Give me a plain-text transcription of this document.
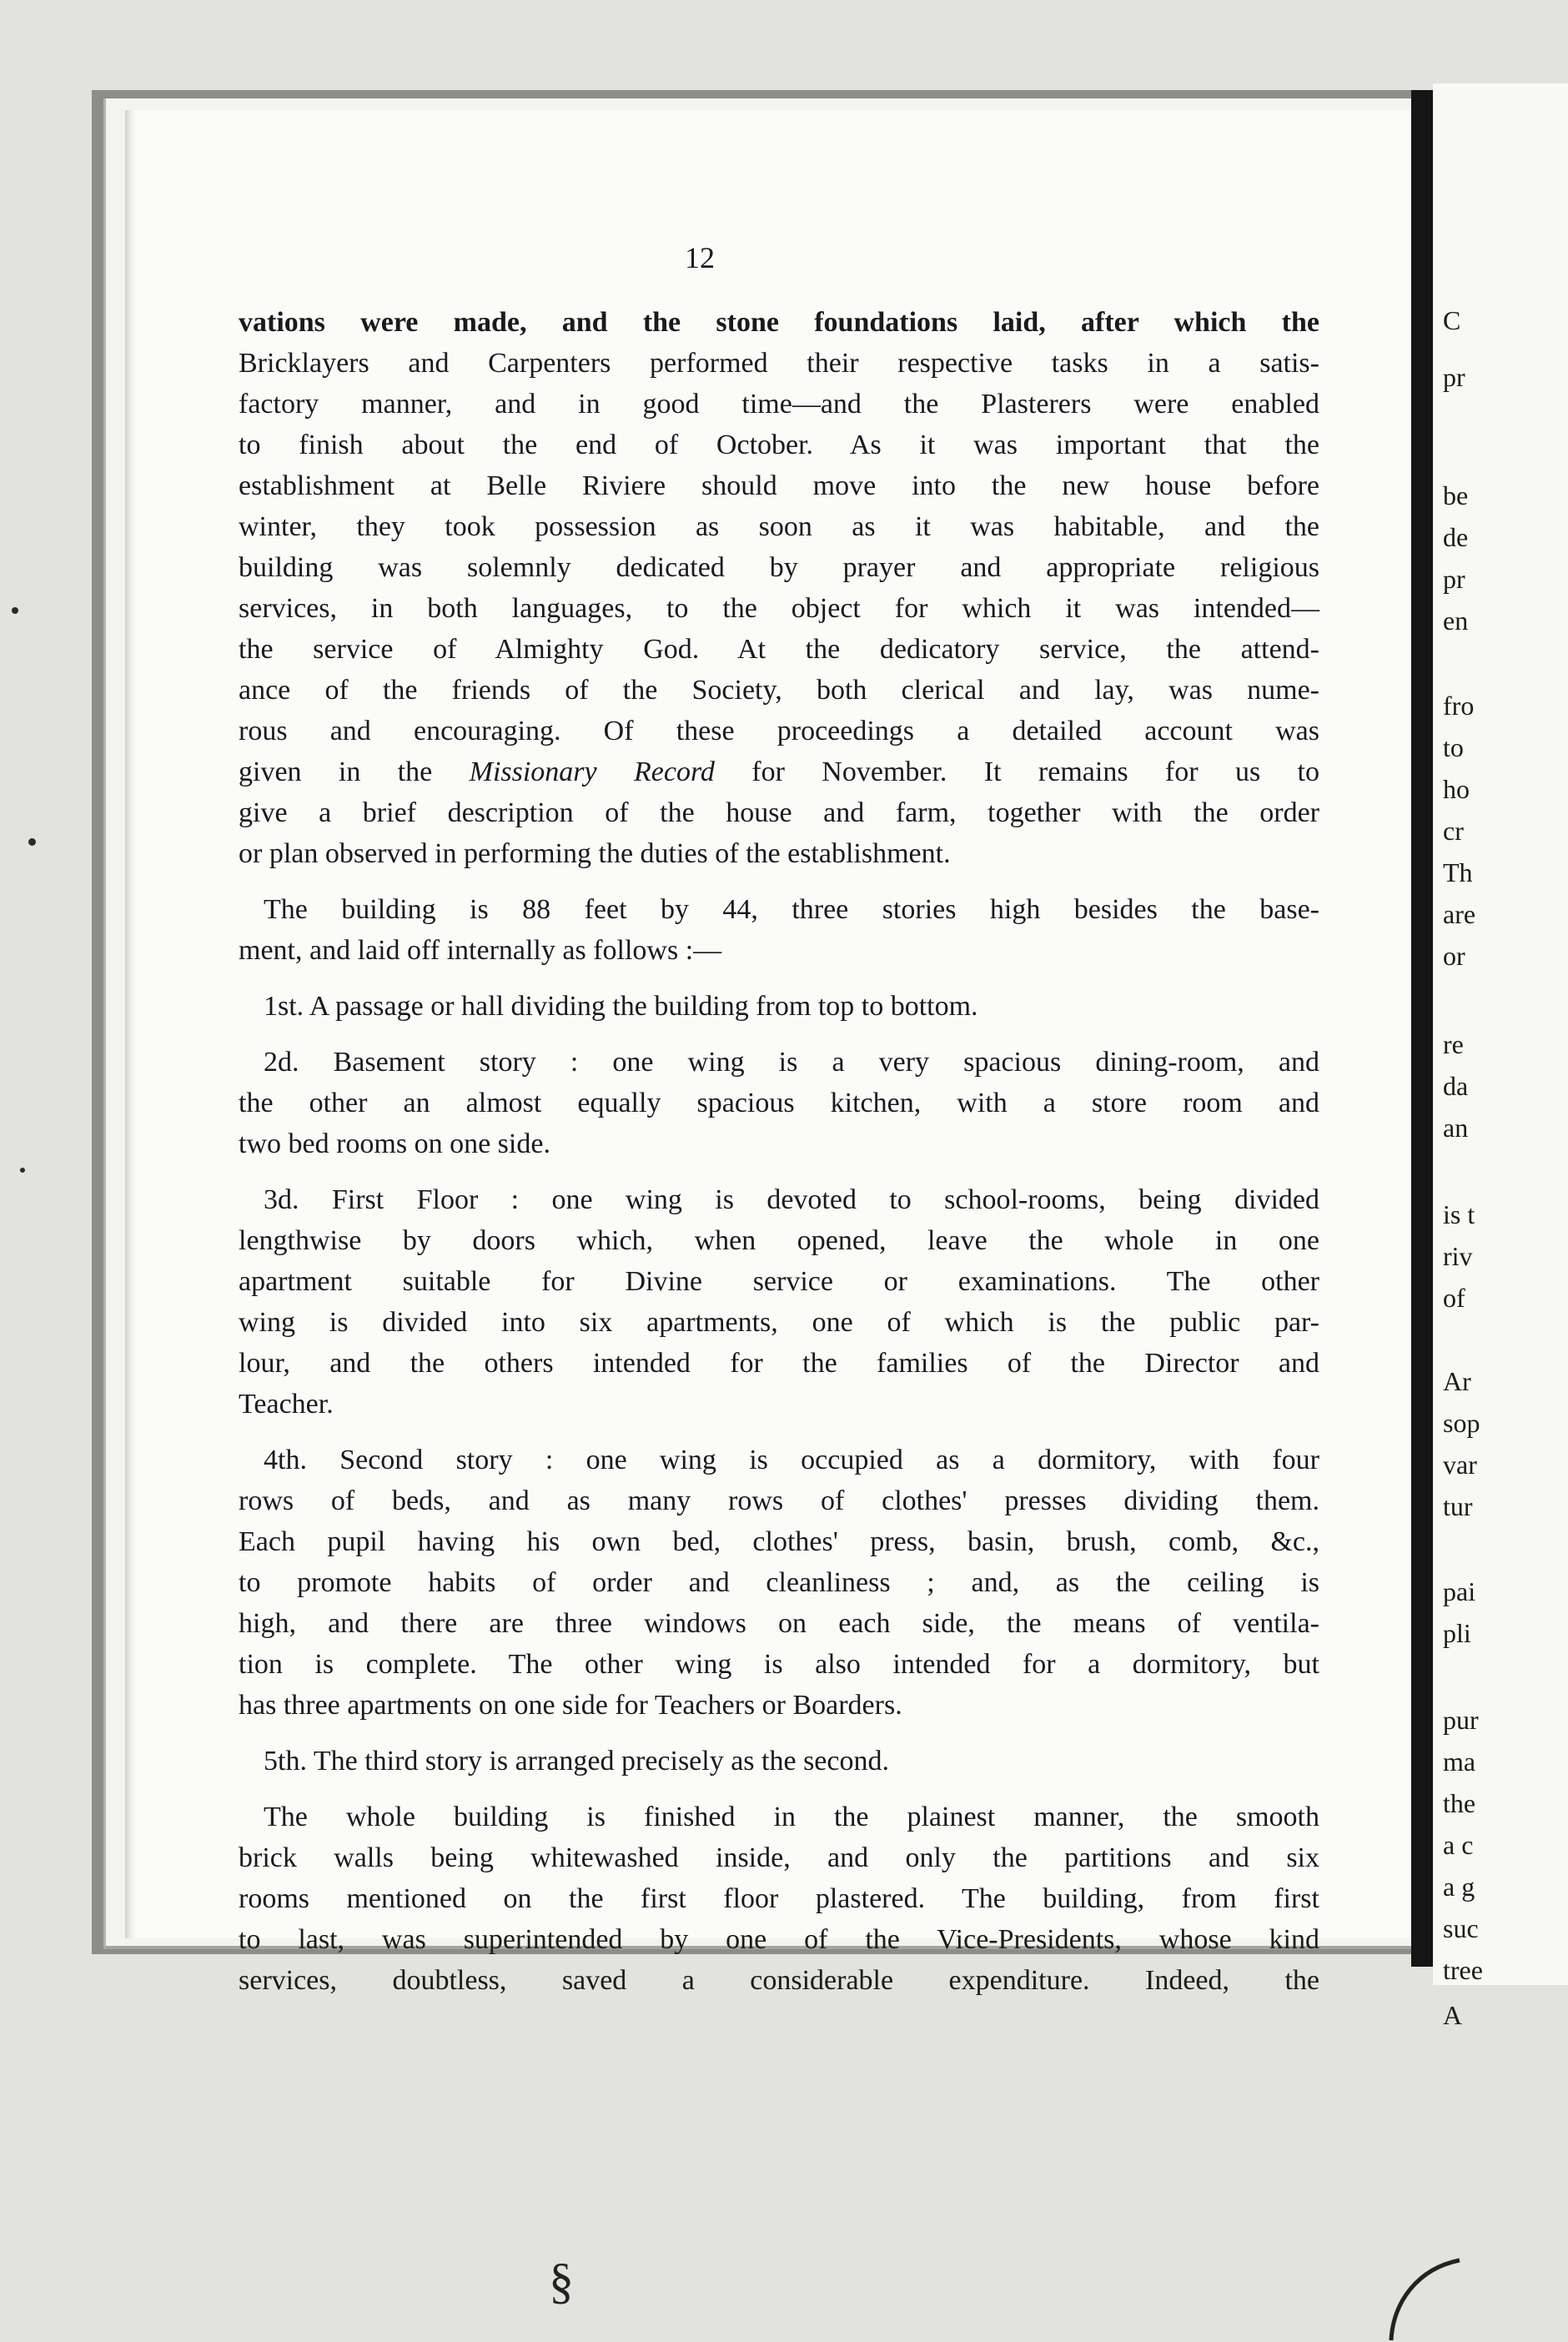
12
C
pr
be
de
pr
en
fro
to
ho
cr
Th
are
or
re
da
an
is t
riv
of
Ar
sop
var
tur
pai
pli
pur
ma
the
a c
a g
suc
tree
A
vations were made, and the stone foundations laid, after which the
Bricklayers and Carpenters performed their respective tasks in a satis-
factory manner, and in good time—and the Plasterers were enabled
to finish about the end of October. As it was important that the
establishment at Belle Riviere should move into the new house before
winter, they took possession as soon as it was habitable, and the
building was solemnly dedicated by prayer and appropriate religious
services, in both languages, to the object for which it was intended—
the service of Almighty God. At the dedicatory service, the attend-
ance of the friends of the Society, both clerical and lay, was nume-
rous and encouraging. Of these proceedings a detailed account was
given in the Missionary Record for November. It remains for us to
give a brief description of the house and farm, together with the order
or plan observed in performing the duties of the establishment.
The building is 88 feet by 44, three stories high besides the base-
ment, and laid off internally as follows :—
1st. A passage or hall dividing the building from top to bottom.
2d. Basement story : one wing is a very spacious dining-room, and
the other an almost equally spacious kitchen, with a store room and
two bed rooms on one side.
3d. First Floor : one wing is devoted to school-rooms, being divided
lengthwise by doors which, when opened, leave the whole in one
apartment suitable for Divine service or examinations. The other
wing is divided into six apartments, one of which is the public par-
lour, and the others intended for the families of the Director and
Teacher.
4th. Second story : one wing is occupied as a dormitory, with four
rows of beds, and as many rows of clothes' presses dividing them.
Each pupil having his own bed, clothes' press, basin, brush, comb, &c.,
to promote habits of order and cleanliness ; and, as the ceiling is
high, and there are three windows on each side, the means of ventila-
tion is complete. The other wing is also intended for a dormitory, but
has three apartments on one side for Teachers or Boarders.
5th. The third story is arranged precisely as the second.
The whole building is finished in the plainest manner, the smooth
brick walls being whitewashed inside, and only the partitions and six
rooms mentioned on the first floor plastered. The building, from first
to last, was superintended by one of the Vice-Presidents, whose kind
services, doubtless, saved a considerable expenditure. Indeed, the
§
